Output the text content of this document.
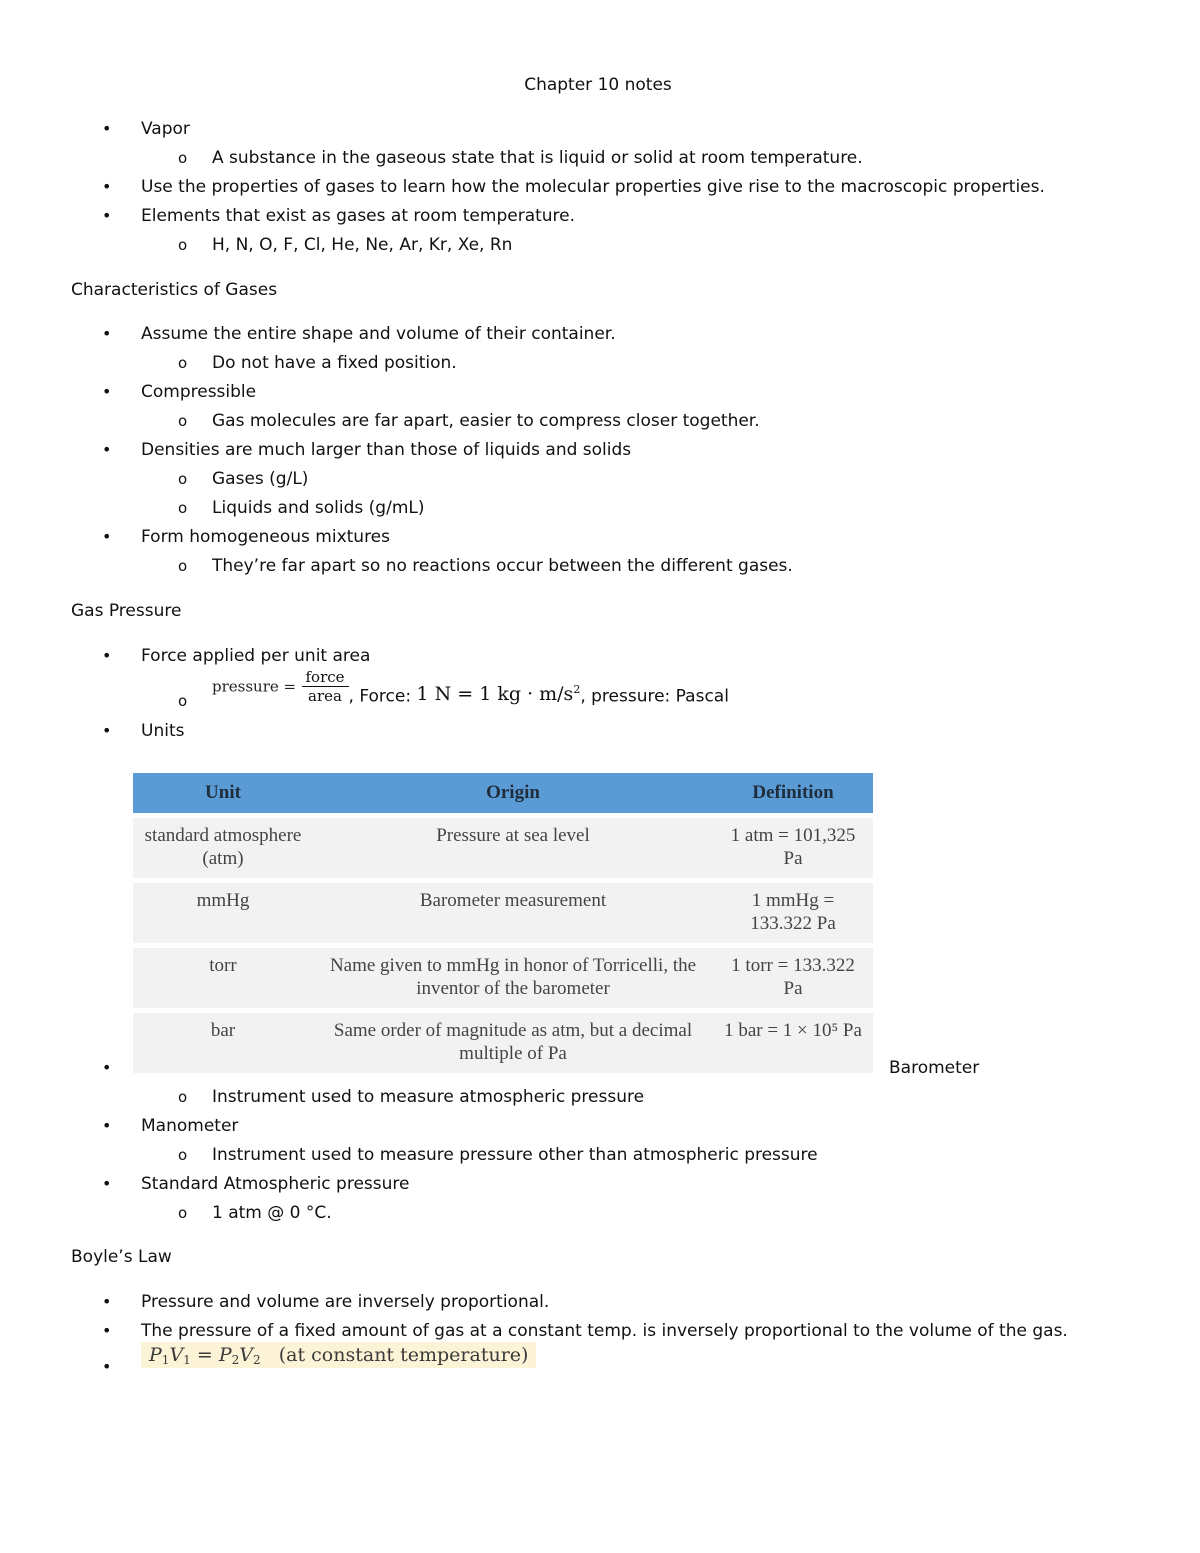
Chapter 10 notes
• Vapor
o A substance in the gaseous state that is liquid or solid at room temperature.
• Use the properties of gases to learn how the molecular properties give rise to the macroscopic properties.
• Elements that exist as gases at room temperature.
o H, N, O, F, Cl, He, Ne, Ar, Kr, Xe, Rn
Characteristics of Gases
• Assume the entire shape and volume of their container.
o Do not have a fixed position.
• Compressible
o Gas molecules are far apart, easier to compress closer together.
• Densities are much larger than those of liquids and solids
o Gases (g/L)
o Liquids and solids (g/mL)
• Form homogeneous mixtures
o They’re far apart so no reactions occur between the different gases.
Gas Pressure
• Force applied per unit area
o
pressure = $\frac{\text{force}}{\text{area}}$ , Force: 1 N = 1 kg · $m/s^2$, pressure: Pascal
• Units
Unit	Origin	Definition
standard atmosphere (atm)	Pressure at sea level	1 atm = 101,325 Pa
mmHg	Barometer measurement	1 mmHg = 133.322 Pa
torr	Name given to mmHg in honor of Torricelli, the inventor of the barometer	1 torr = 133.322 Pa
bar	Same order of magnitude as atm, but a decimal multiple of Pa	1 bar = 1 × 10⁵ Pa
•	Barometer
o Instrument used to measure atmospheric pressure
• Manometer
o Instrument used to measure pressure other than atmospheric pressure
• Standard Atmospheric pressure
o 1 atm @ 0 °C.
Boyle’s Law
• Pressure and volume are inversely proportional.
• The pressure of a fixed amount of gas at a constant temp. is inversely proportional to the volume of the gas.
•
$P_1V_1 = P_2V_2$ (at constant temperature)
